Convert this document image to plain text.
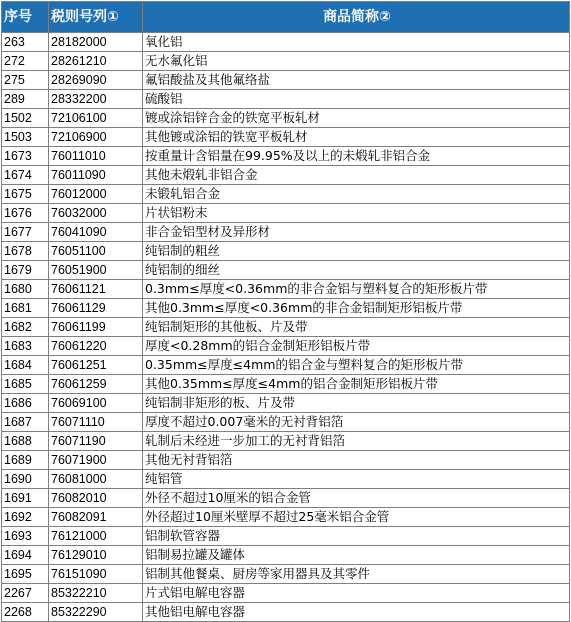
序号	税则号列①	商品简称②
263	28182000	氧化铝
272	28261210	无水氟化铝
275	28269090	氟铝酸盐及其他氟络盐
289	28332200	硫酸铝
1502	72106100	镀或涂铝锌合金的铁宽平板轧材
1503	72106900	其他镀或涂铝的铁宽平板轧材
1673	76011010	按重量计含铝量在99.95%及以上的未煅轧非铝合金
1674	76011090	其他未煅轧非铝合金
1675	76012000	未锻轧铝合金
1676	76032000	片状铝粉末
1677	76041090	非合金铝型材及异形材
1678	76051100	纯铝制的粗丝
1679	76051900	纯铝制的细丝
1680	76061121	0.3mm≤厚度<0.36mm的非合金铝与塑料复合的矩形板片带
1681	76061129	其他0.3mm≤厚度<0.36mm的非合金铝制矩形铝板片带
1682	76061199	纯铝制矩形的其他板、片及带
1683	76061220	厚度<0.28mm的铝合金制矩形铝板片带
1684	76061251	0.35mm≤厚度≤4mm的铝合金与塑料复合的矩形板片带
1685	76061259	其他0.35mm≤厚度≤4mm的铝合金制矩形铝板片带
1686	76069100	纯铝制非矩形的板、片及带
1687	76071110	厚度不超过0.007毫米的无衬背铝箔
1688	76071190	轧制后未经进一步加工的无衬背铝箔
1689	76071900	其他无衬背铝箔
1690	76081000	纯铝管
1691	76082010	外径不超过10厘米的铝合金管
1692	76082091	外径超过10厘米壁厚不超过25毫米铝合金管
1693	76121000	铝制软管容器
1694	76129010	铝制易拉罐及罐体
1695	76151090	铝制其他餐桌、厨房等家用器具及其零件
2267	85322210	片式铝电解电容器
2268	85322290	其他铝电解电容器
